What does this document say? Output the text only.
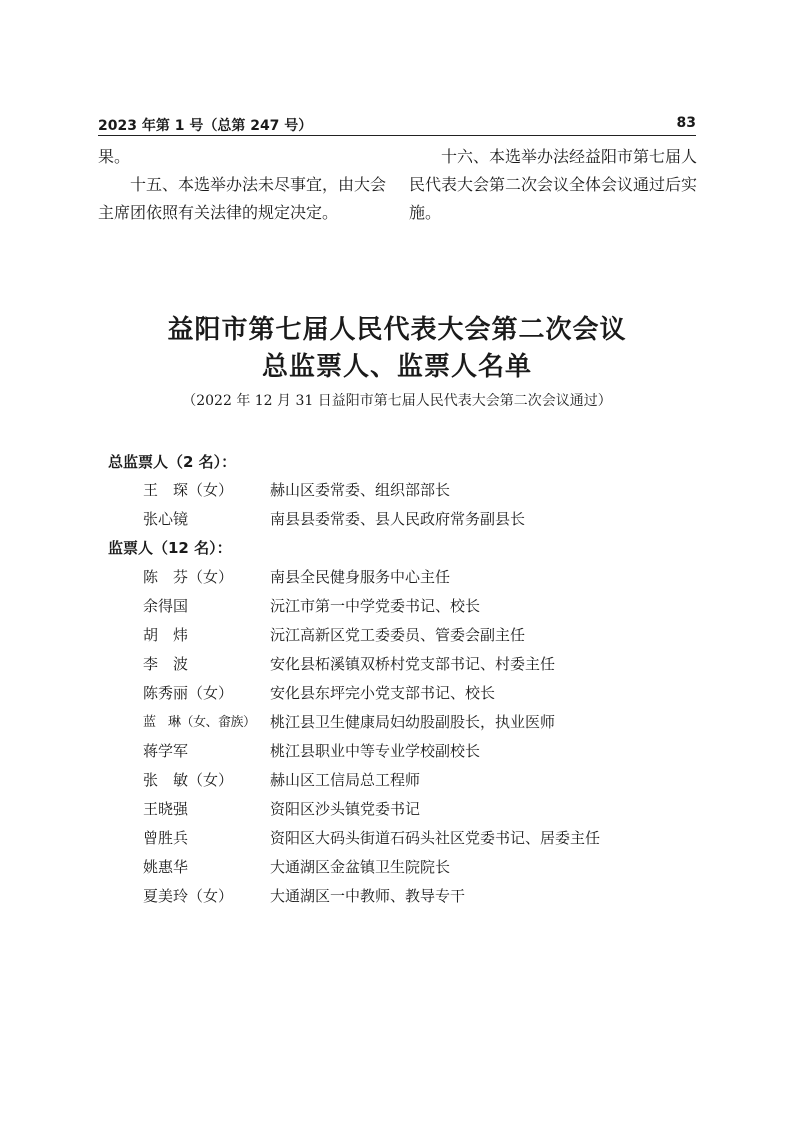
2023 年第 1 号（总第 247 号）	83

果。

十五、本选举办法未尽事宜，由大会主席团依照有关法律的规定决定。

十六、本选举办法经益阳市第七届人民代表大会第二次会议全体会议通过后实施。

益阳市第七届人民代表大会第二次会议
总监票人、监票人名单
（2022 年 12 月 31 日益阳市第七届人民代表大会第二次会议通过）
总监票人（2 名）：
王　琛（女） 赫山区委常委、组织部部长
张心镜	南县县委常委、县人民政府常务副县长
监票人（12 名）：
陈　芬（女） 南县全民健身服务中心主任
余得国	沅江市第一中学党委书记、校长
胡　炜	沅江高新区党工委委员、管委会副主任
李　波	安化县柘溪镇双桥村党支部书记、村委主任
陈秀丽（女） 安化县东坪完小党支部书记、校长
蓝　琳（女、畲族） 桃江县卫生健康局妇幼股副股长，执业医师
蒋学军	桃江县职业中等专业学校副校长
张　敏（女） 赫山区工信局总工程师
王晓强	资阳区沙头镇党委书记
曾胜兵	资阳区大码头街道石码头社区党委书记、居委主任
姚惠华	大通湖区金盆镇卫生院院长
夏美玲（女） 大通湖区一中教师、教导专干
